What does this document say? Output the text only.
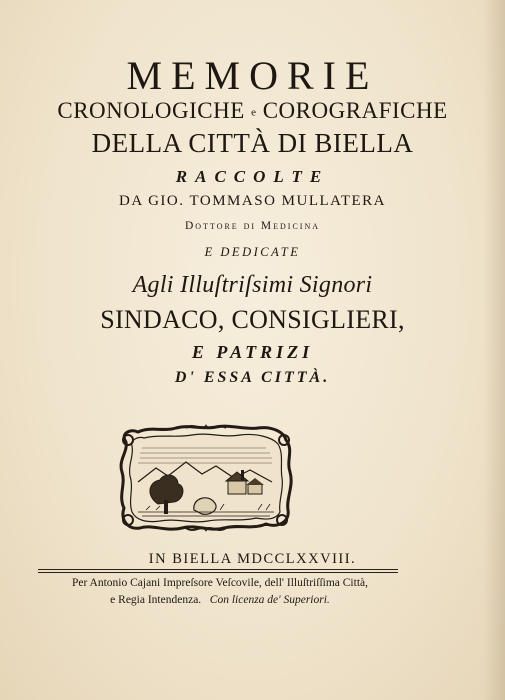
MEMORIE
CRONOLOGICHE e COROGRAFICHE
DELLA CITTÀ DI BIELLA
RACCOLTE
DA GIO. TOMMASO MULLATERA
Dottore di Medicina
E DEDICATE
Agli Illuſtriſsimi Signori
SINDACO, CONSIGLIERI,
E PATRIZI
D' ESSA CITTÀ.
IN BIELLA MDCCLXXVIII.
Per Antonio Cajani Impreſsore Veſcovile, dell' Illuſtriſſima Città,
e Regia Intendenza. Con licenza de' Superiori.
